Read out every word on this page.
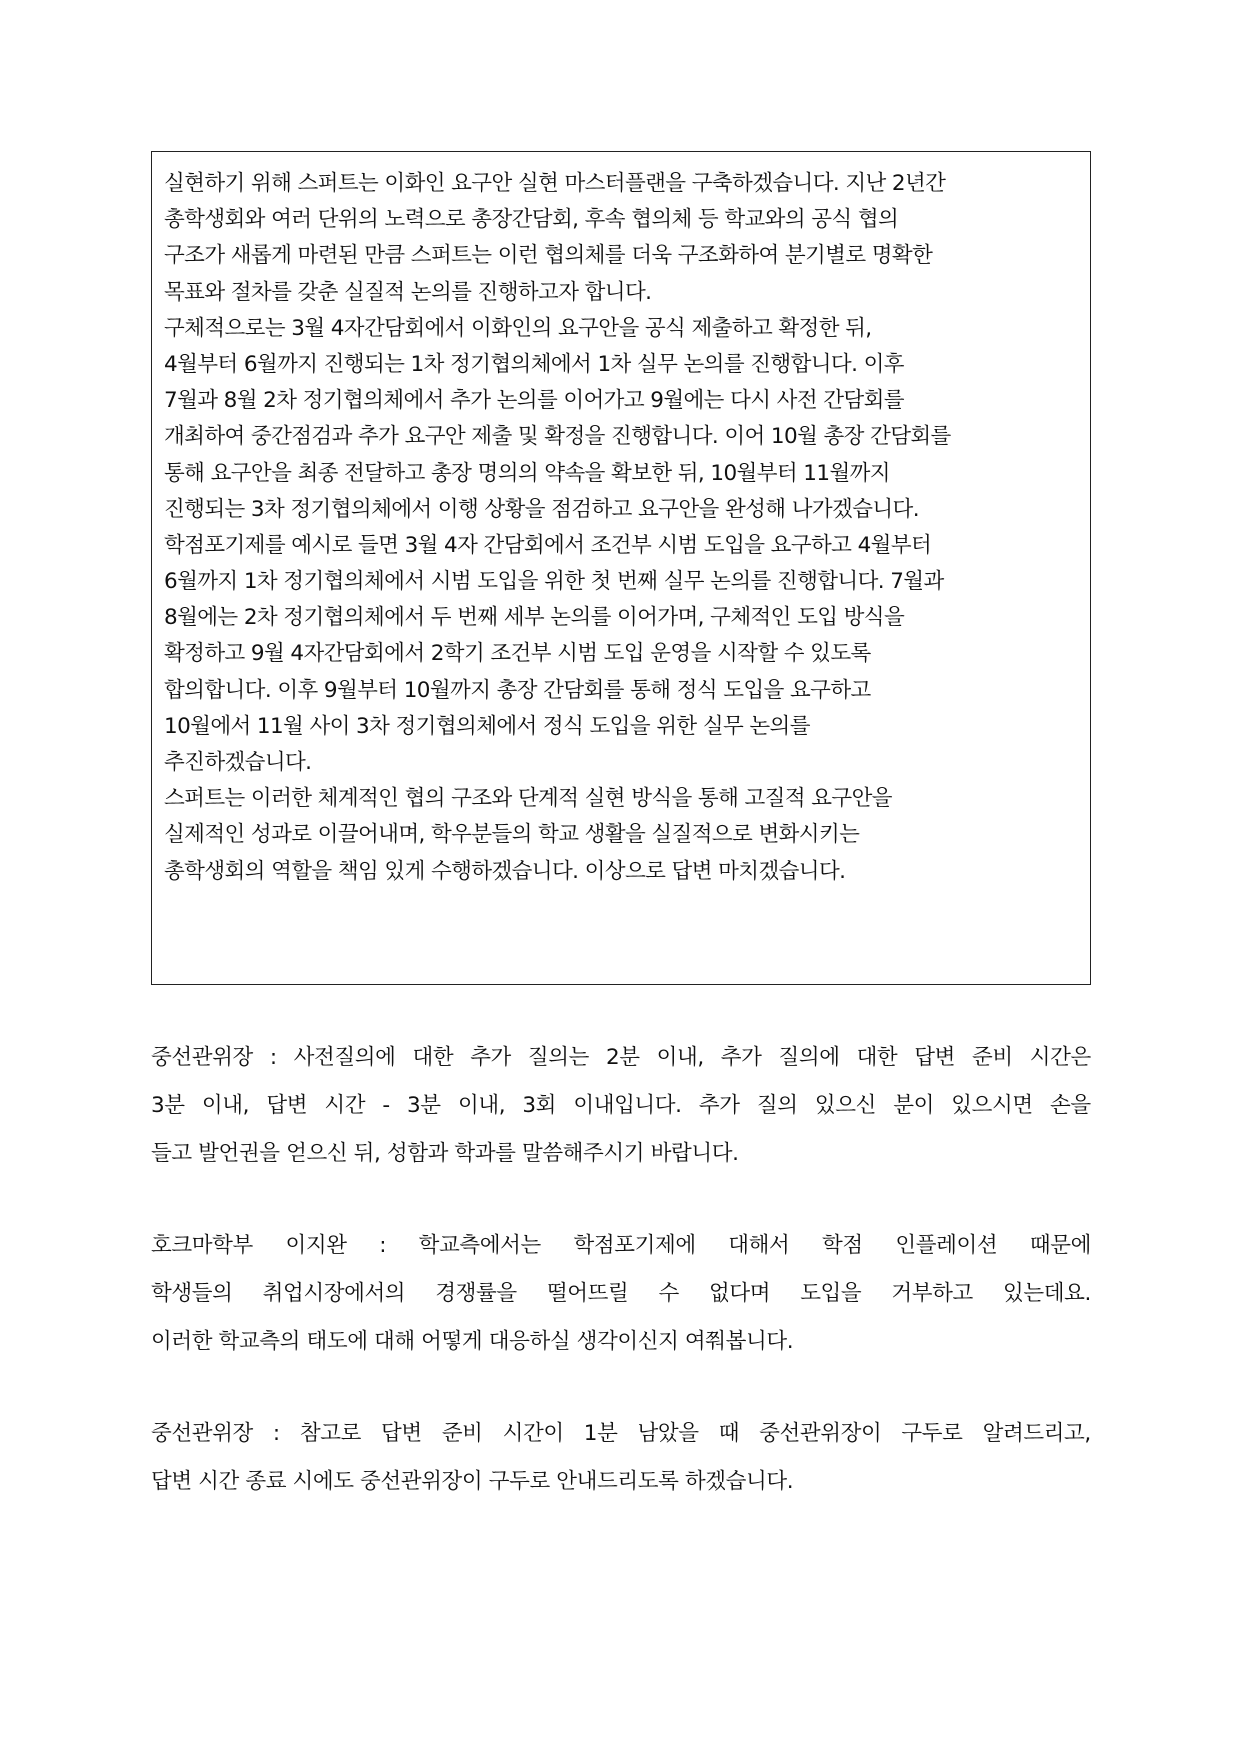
실현하기 위해 스퍼트는 이화인 요구안 실현 마스터플랜을 구축하겠습니다. 지난 2년간
총학생회와 여러 단위의 노력으로 총장간담회, 후속 협의체 등 학교와의 공식 협의
구조가 새롭게 마련된 만큼 스퍼트는 이런 협의체를 더욱 구조화하여 분기별로 명확한
목표와 절차를 갖춘 실질적 논의를 진행하고자 합니다.
구체적으로는 3월 4자간담회에서 이화인의 요구안을 공식 제출하고 확정한 뒤,
4월부터 6월까지 진행되는 1차 정기협의체에서 1차 실무 논의를 진행합니다. 이후
7월과 8월 2차 정기협의체에서 추가 논의를 이어가고 9월에는 다시 사전 간담회를
개최하여 중간점검과 추가 요구안 제출 및 확정을 진행합니다. 이어 10월 총장 간담회를
통해 요구안을 최종 전달하고 총장 명의의 약속을 확보한 뒤, 10월부터 11월까지
진행되는 3차 정기협의체에서 이행 상황을 점검하고 요구안을 완성해 나가겠습니다.
학점포기제를 예시로 들면 3월 4자 간담회에서 조건부 시범 도입을 요구하고 4월부터
6월까지 1차 정기협의체에서 시범 도입을 위한 첫 번째 실무 논의를 진행합니다. 7월과
8월에는 2차 정기협의체에서 두 번째 세부 논의를 이어가며, 구체적인 도입 방식을
확정하고 9월 4자간담회에서 2학기 조건부 시범 도입 운영을 시작할 수 있도록
합의합니다. 이후 9월부터 10월까지 총장 간담회를 통해 정식 도입을 요구하고
10월에서 11월 사이 3차 정기협의체에서 정식 도입을 위한 실무 논의를
추진하겠습니다.
스퍼트는 이러한 체계적인 협의 구조와 단계적 실현 방식을 통해 고질적 요구안을
실제적인 성과로 이끌어내며, 학우분들의 학교 생활을 실질적으로 변화시키는
총학생회의 역할을 책임 있게 수행하겠습니다. 이상으로 답변 마치겠습니다.
중선관위장 : 사전질의에 대한 추가 질의는 2분 이내, 추가 질의에 대한 답변 준비 시간은
3분 이내, 답변 시간 - 3분 이내, 3회 이내입니다. 추가 질의 있으신 분이 있으시면 손을
들고 발언권을 얻으신 뒤, 성함과 학과를 말씀해주시기 바랍니다.
호크마학부 이지완 : 학교측에서는 학점포기제에 대해서 학점 인플레이션 때문에
학생들의 취업시장에서의 경쟁률을 떨어뜨릴 수 없다며 도입을 거부하고 있는데요.
이러한 학교측의 태도에 대해 어떻게 대응하실 생각이신지 여쭤봅니다.
중선관위장 : 참고로 답변 준비 시간이 1분 남았을 때 중선관위장이 구두로 알려드리고,
답변 시간 종료 시에도 중선관위장이 구두로 안내드리도록 하겠습니다.
